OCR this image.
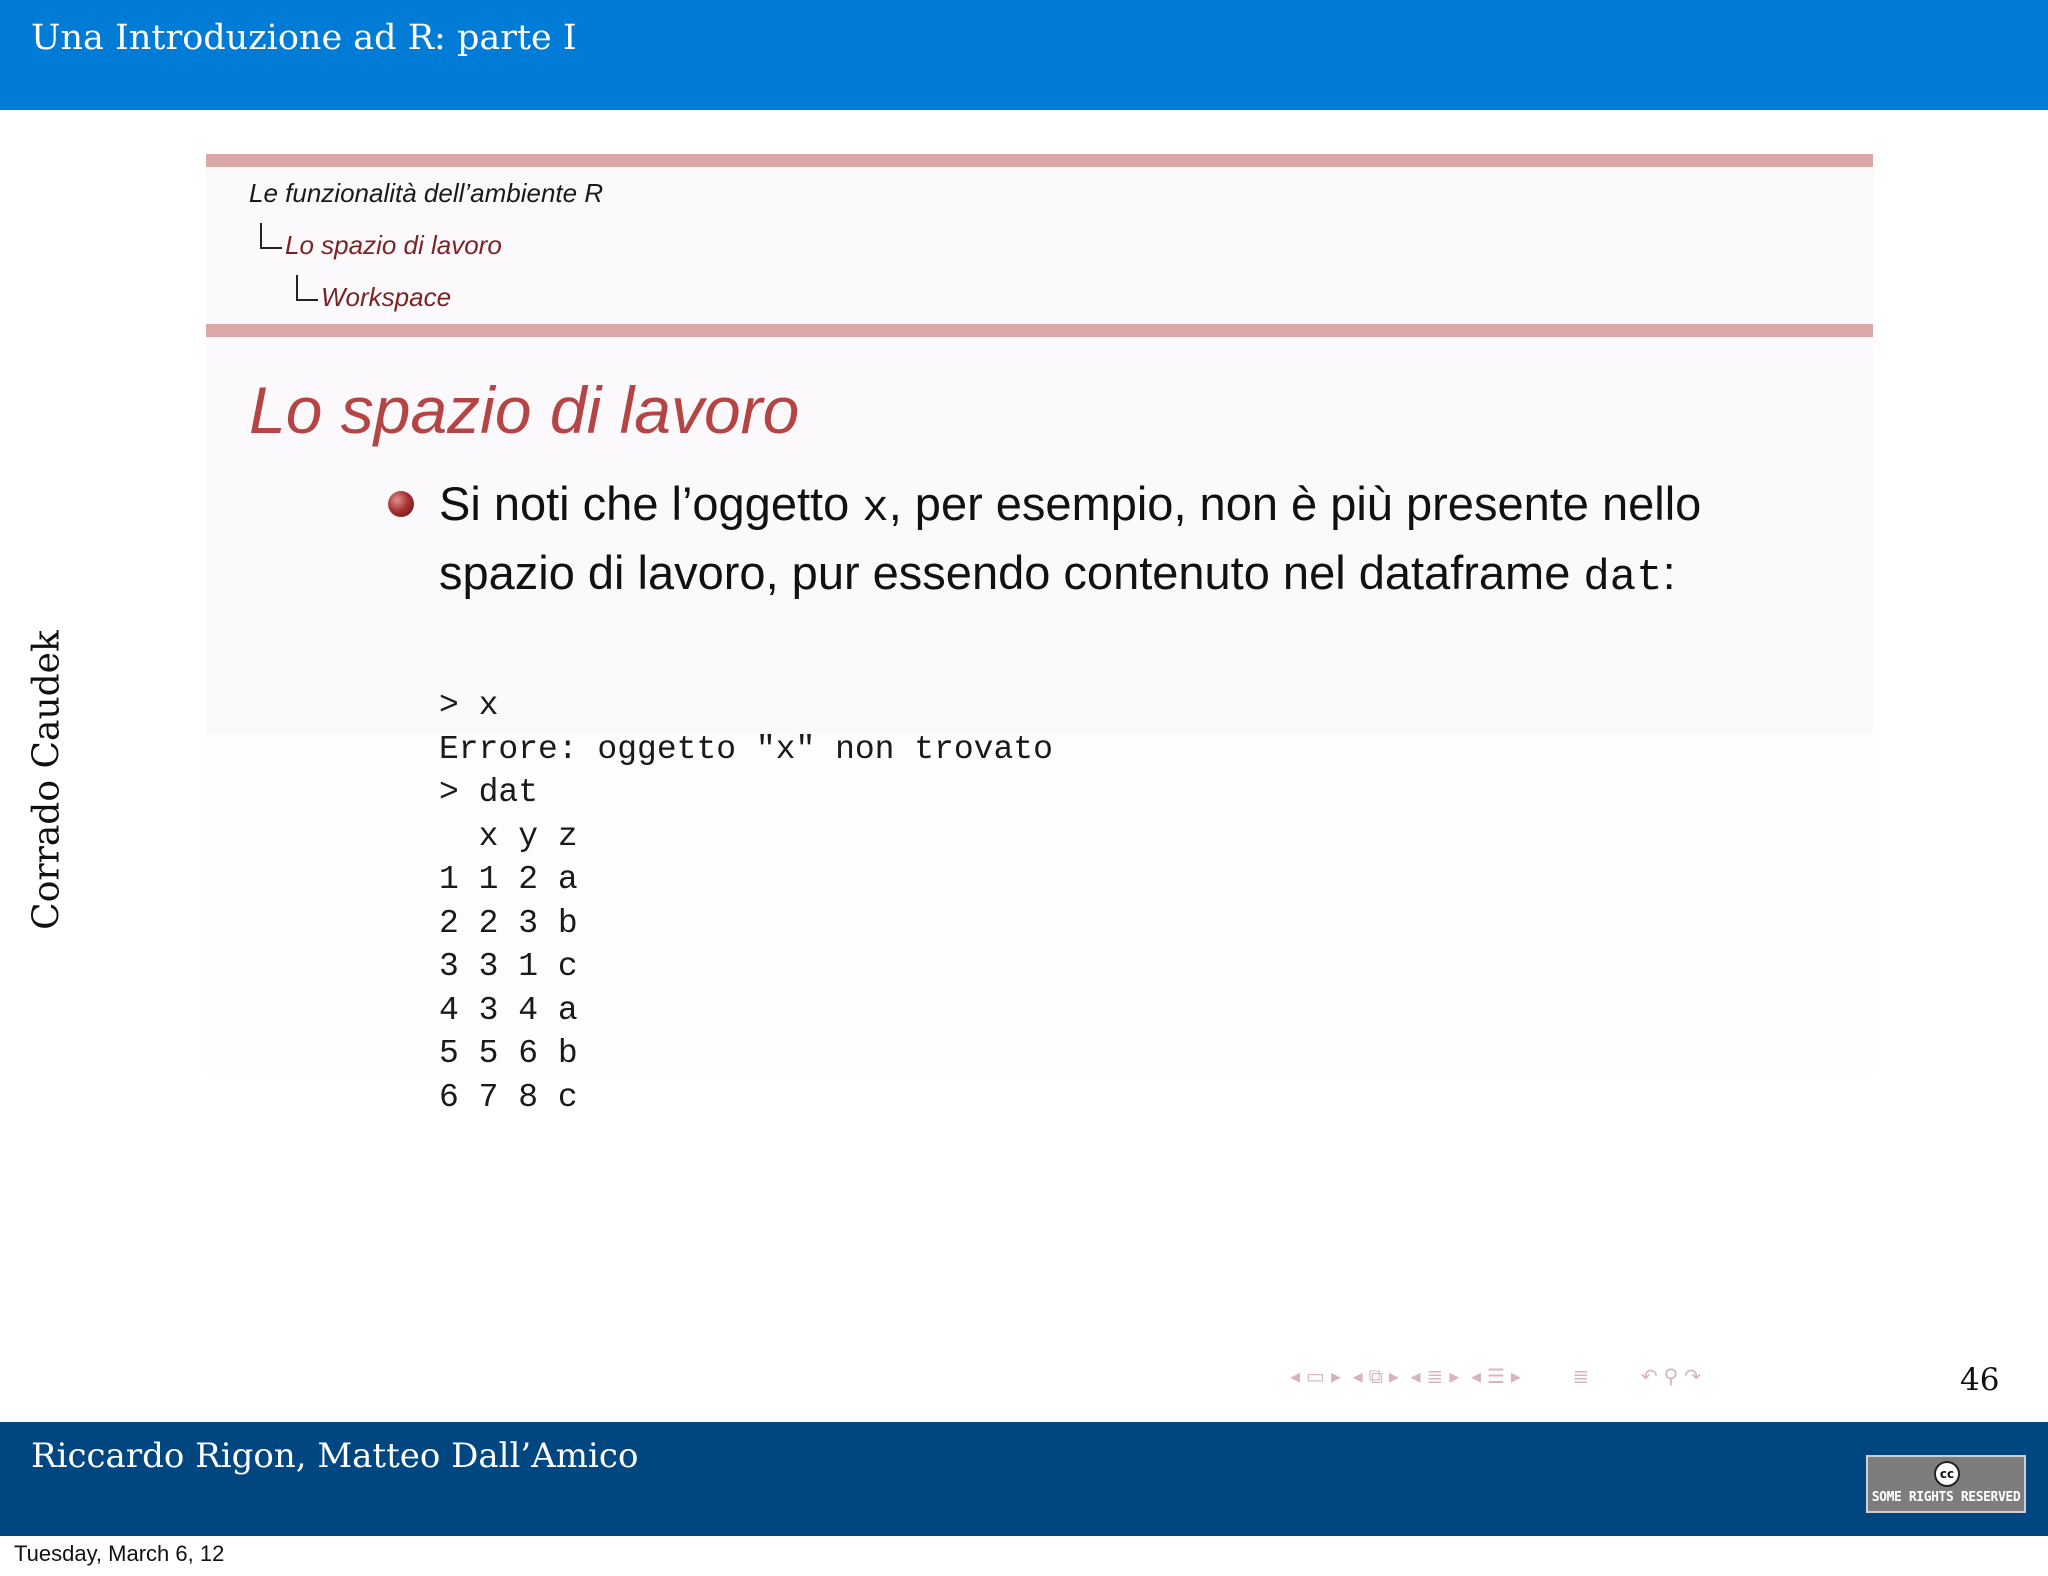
Una Introduzione ad R: parte I
Corrado Caudek
Le funzionalità dell’ambiente R
Lo spazio di lavoro
Workspace
Lo spazio di lavoro
Si noti che l’oggetto x, per esempio, non è più presente nello spazio di lavoro, pur essendo contenuto nel dataframe dat:
> x
Errore: oggetto "x" non trovato
> dat
x y z
1 1 2 a
2 2 3 b
3 3 1 c
4 3 4 a
5 5 6 b
6 7 8 c
◂ ▭ ▸ ◂ ⧉ ▸ ◂ ≣ ▸ ◂ ☰ ▸	≣	↶ ⚲ ↷	46
Riccardo Rigon, Matteo Dall’Amico	cc
SOME RIGHTS RESERVED
Tuesday, March 6, 12
